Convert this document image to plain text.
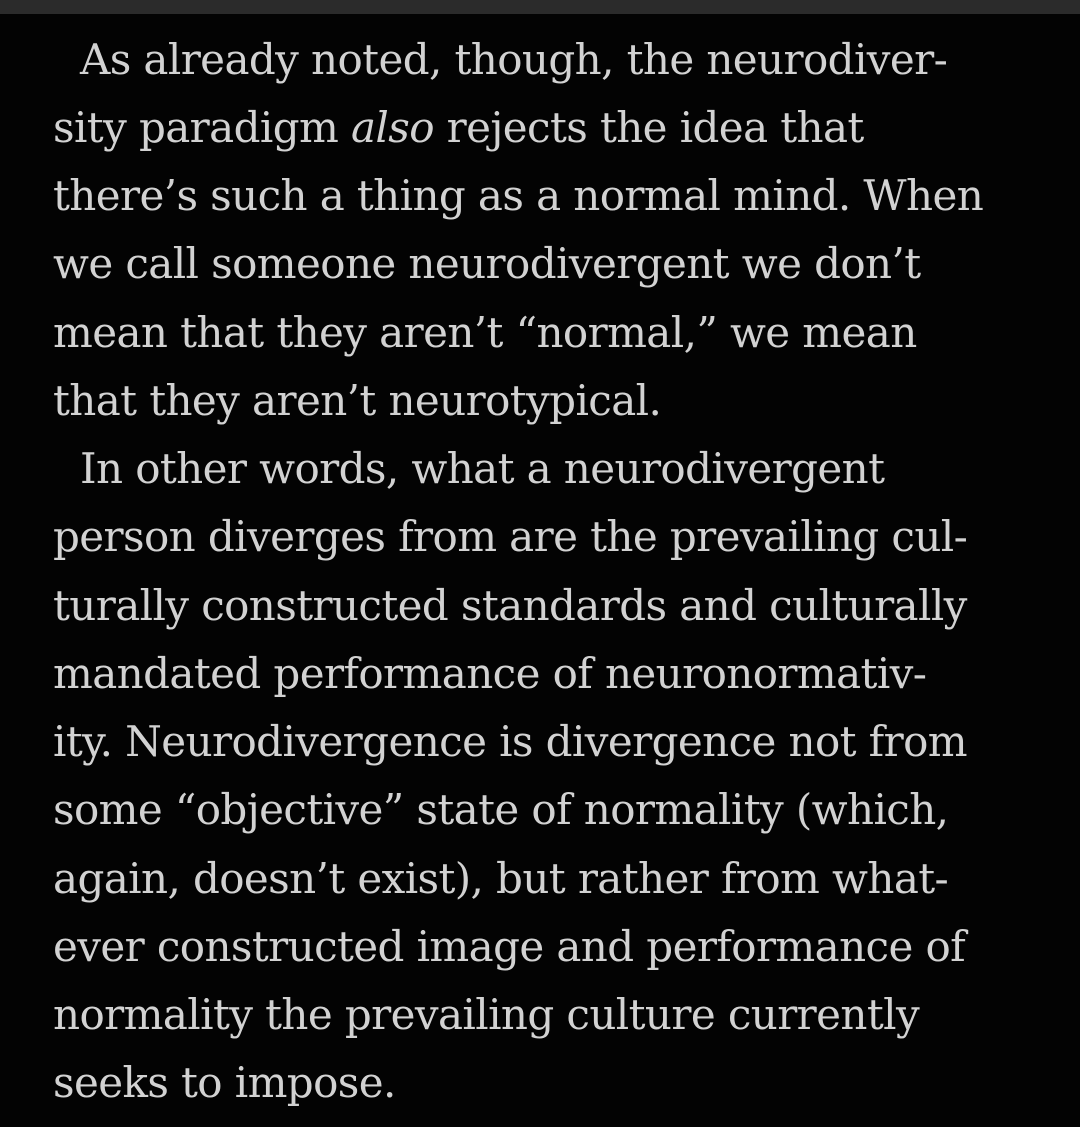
As already noted, though, the neurodiver-
sity paradigm also rejects the idea that
there’s such a thing as a normal mind. When
we call someone neurodivergent we don’t
mean that they aren’t “normal,” we mean
that they aren’t neurotypical.
In other words, what a neurodivergent
person diverges from are the prevailing cul-
turally constructed standards and culturally
mandated performance of neuronormativ-
ity. Neurodivergence is divergence not from
some “objective” state of normality (which,
again, doesn’t exist), but rather from what-
ever constructed image and performance of
normality the prevailing culture currently
seeks to impose.
